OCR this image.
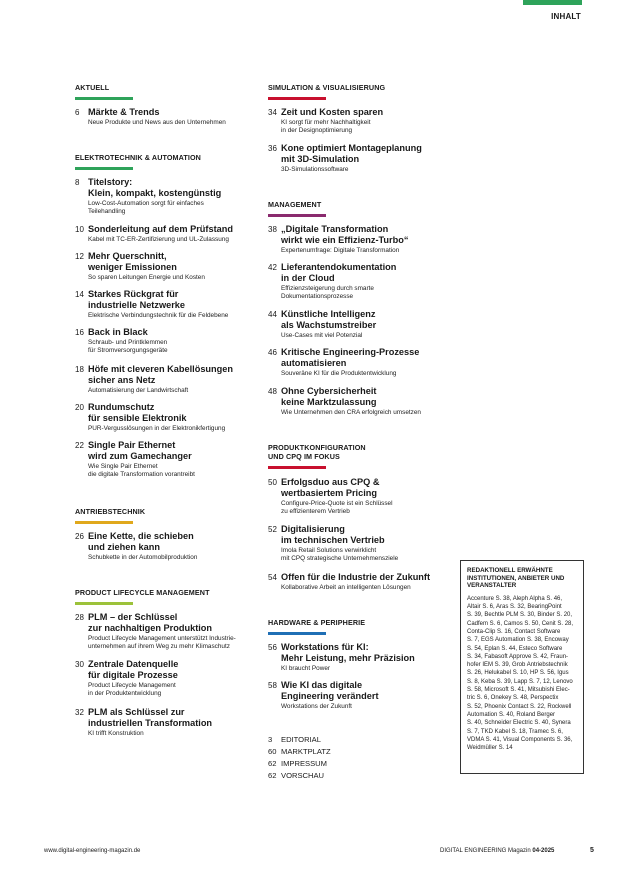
INHALT
AKTUELL
6 Märkte & Trends
Neue Produkte und News aus den Unternehmen
ELEKTROTECHNIK & AUTOMATION
8 Titelstory:
Klein, kompakt, kostengünstig
Low-Cost-Automation sorgt für einfaches
Teilehandling
10 Sonderleitung auf dem Prüfstand
Kabel mit TC-ER-Zertifizierung und UL-Zulassung
12 Mehr Querschnitt,
weniger Emissionen
So sparen Leitungen Energie und Kosten
14 Starkes Rückgrat für
industrielle Netzwerke
Elektrische Verbindungstechnik für die Feldebene
16 Back in Black
Schraub- und Printklemmen
für Stromversorgungsgeräte
18 Höfe mit cleveren Kabellösungen
sicher ans Netz
Automatisierung der Landwirtschaft
20 Rundumschutz
für sensible Elektronik
PUR-Vergusslösungen in der Elektronikfertigung
22 Single Pair Ethernet
wird zum Gamechanger
Wie Single Pair Ethernet
die digitale Transformation vorantreibt
ANTRIEBSTECHNIK
26 Eine Kette, die schieben
und ziehen kann
Schubkette in der Automobilproduktion
PRODUCT LIFECYCLE MANAGEMENT
28 PLM – der Schlüssel
zur nachhaltigen Produktion
Product Lifecycle Management unterstützt Industrie-
unternehmen auf ihrem Weg zu mehr Klimaschutz
30 Zentrale Datenquelle
für digitale Prozesse
Product Lifecycle Management
in der Produktentwicklung
32 PLM als Schlüssel zur
industriellen Transformation
KI trifft Konstruktion
SIMULATION & VISUALISIERUNG
34 Zeit und Kosten sparen
KI sorgt für mehr Nachhaltigkeit
in der Designoptimierung
36 Kone optimiert Montageplanung
mit 3D-Simulation
3D-Simulationssoftware
MANAGEMENT
38 „Digitale Transformation
wirkt wie ein Effizienz-Turbo“
Expertenumfrage: Digitale Transformation
42 Lieferantendokumentation
in der Cloud
Effizienzsteigerung durch smarte
Dokumentationsprozesse
44 Künstliche Intelligenz
als Wachstumstreiber
Use-Cases mit viel Potenzial
46 Kritische Engineering-Prozesse
automatisieren
Souveräne KI für die Produktentwicklung
48 Ohne Cybersicherheit
keine Marktzulassung
Wie Unternehmen den CRA erfolgreich umsetzen
PRODUKTKONFIGURATION
UND CPQ IM FOKUS
50 Erfolgsduo aus CPQ &
wertbasiertem Pricing
Configure-Price-Quote ist ein Schlüssel
zu effizienterem Vertrieb
52 Digitalisierung
im technischen Vertrieb
Imola Retail Solutions verwirklicht
mit CPQ strategische Unternehmensziele
54 Offen für die Industrie der Zukunft
Kollaborative Arbeit an intelligenten Lösungen
HARDWARE & PERIPHERIE
56 Workstations für KI:
Mehr Leistung, mehr Präzision
KI braucht Power
58 Wie KI das digitale
Engineering verändert
Workstations der Zukunft
3 EDITORIAL
60 MARKTPLATZ
62 IMPRESSUM
62 VORSCHAU
REDAKTIONELL ERWÄHNTE
INSTITUTIONEN, ANBIETER UND
VERANSTALTER
Accenture S. 38, Aleph Alpha S. 46,
Altair S. 6, Aras S. 32, BearingPoint
S. 39, Bechtle PLM S. 30, Binder S. 20,
Cadfem S. 6, Camos S. 50, Cenit S. 28,
Conta-Clip S. 16, Contact Software
S. 7, EGS Automation S. 38, Encoway
S. 54, Eplan S. 44, Esteco Software
S. 34, Fabasoft Approve S. 42, Fraun-
hofer IEM S. 39, Grob Antriebstechnik
S. 26, Helukabel S. 10, HP S. 56, Igus
S. 8, Keba S. 39, Lapp S. 7, 12, Lenovo
S. 58, Microsoft S. 41, Mitsubishi Elec-
tric S. 6, Onekey S. 48, Perspectix
S. 52, Phoenix Contact S. 22, Rockwell
Automation S. 40, Roland Berger
S. 40, Schneider Electric S. 40, Synera
S. 7, TKD Kabel S. 18, Tramec S. 6,
VDMA S. 41, Visual Components S. 36,
Weidmüller S. 14
www.digital-engineering-magazin.de	DIGITAL ENGINEERING Magazin 04-2025	5
